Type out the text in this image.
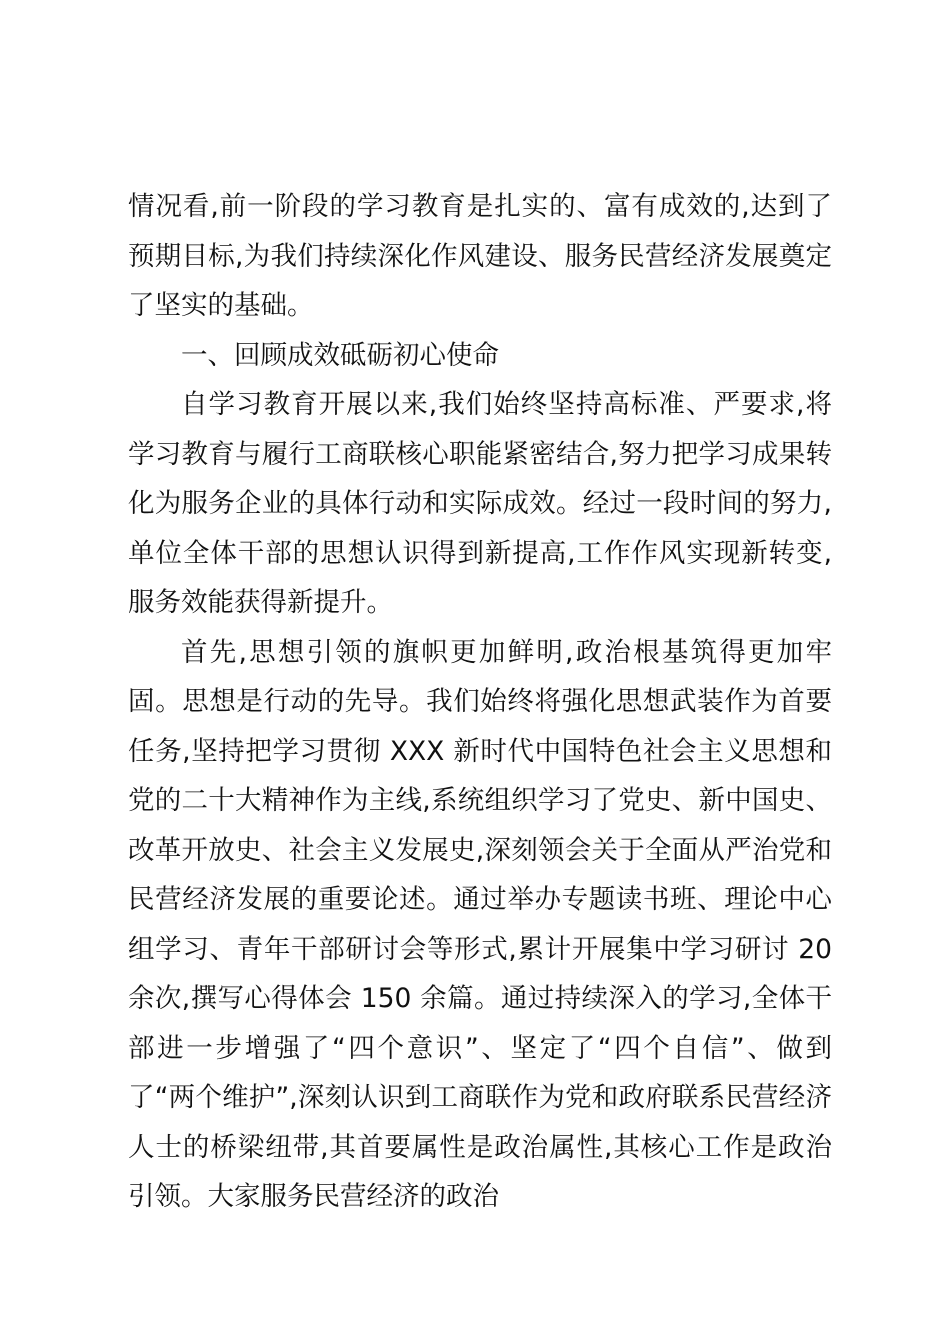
情况看,前一阶段的学习教育是扎实的、富有成效的,达到了预期目标,为我们持续深化作风建设、服务民营经济发展奠定了坚实的基础。

一、回顾成效砥砺初心使命

自学习教育开展以来,我们始终坚持高标准、严要求,将学习教育与履行工商联核心职能紧密结合,努力把学习成果转化为服务企业的具体行动和实际成效。经过一段时间的努力,单位全体干部的思想认识得到新提高,工作作风实现新转变,服务效能获得新提升。

首先,思想引领的旗帜更加鲜明,政治根基筑得更加牢固。思想是行动的先导。我们始终将强化思想武装作为首要任务,坚持把学习贯彻 XXX 新时代中国特色社会主义思想和党的二十大精神作为主线,系统组织学习了党史、新中国史、改革开放史、社会主义发展史,深刻领会关于全面从严治党和民营经济发展的重要论述。通过举办专题读书班、理论中心组学习、青年干部研讨会等形式,累计开展集中学习研讨 20 余次,撰写心得体会 150 余篇。通过持续深入的学习,全体干部进一步增强了“四个意识”、坚定了“四个自信”、做到了“两个维护”,深刻认识到工商联作为党和政府联系民营经济人士的桥梁纽带,其首要属性是政治属性,其核心工作是政治引领。大家服务民营经济的政治
